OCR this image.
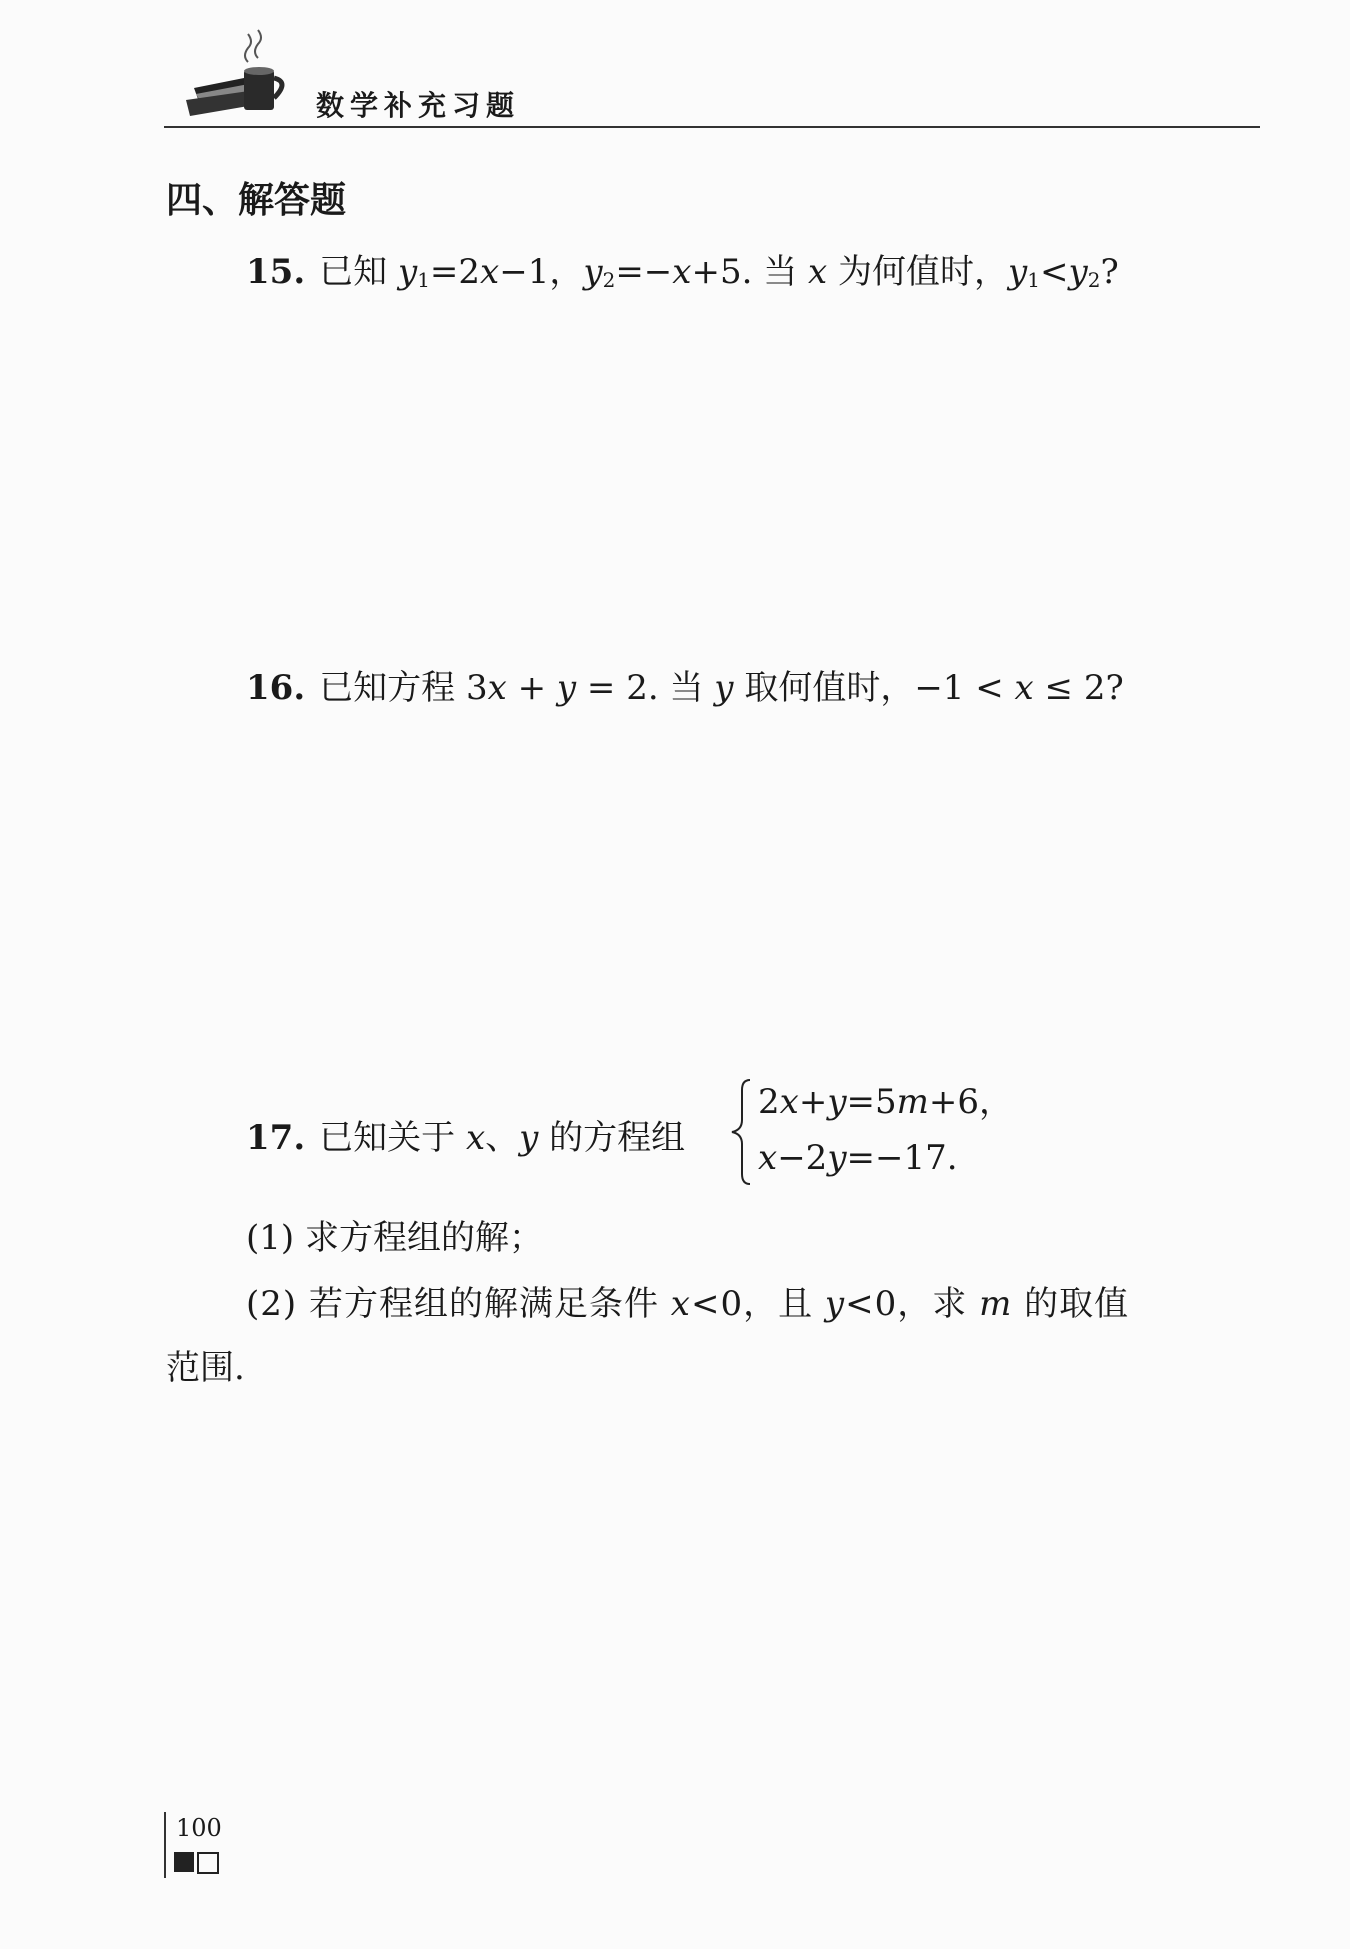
数学补充习题
四、解答题
15. 已知 $y_1=2x-1$，$y_2=-x+5$. 当 x 为何值时，$y_1<y_2$?
16. 已知方程 3x + y = 2. 当 y 取何值时，−1 < x ≤ 2?
17. 已知关于 x、y 的方程组
2x+y=5m+6，
x−2y=−17.
(1) 求方程组的解；
(2) 若方程组的解满足条件 x<0，且 y<0，求 m 的取值
范围.
100
